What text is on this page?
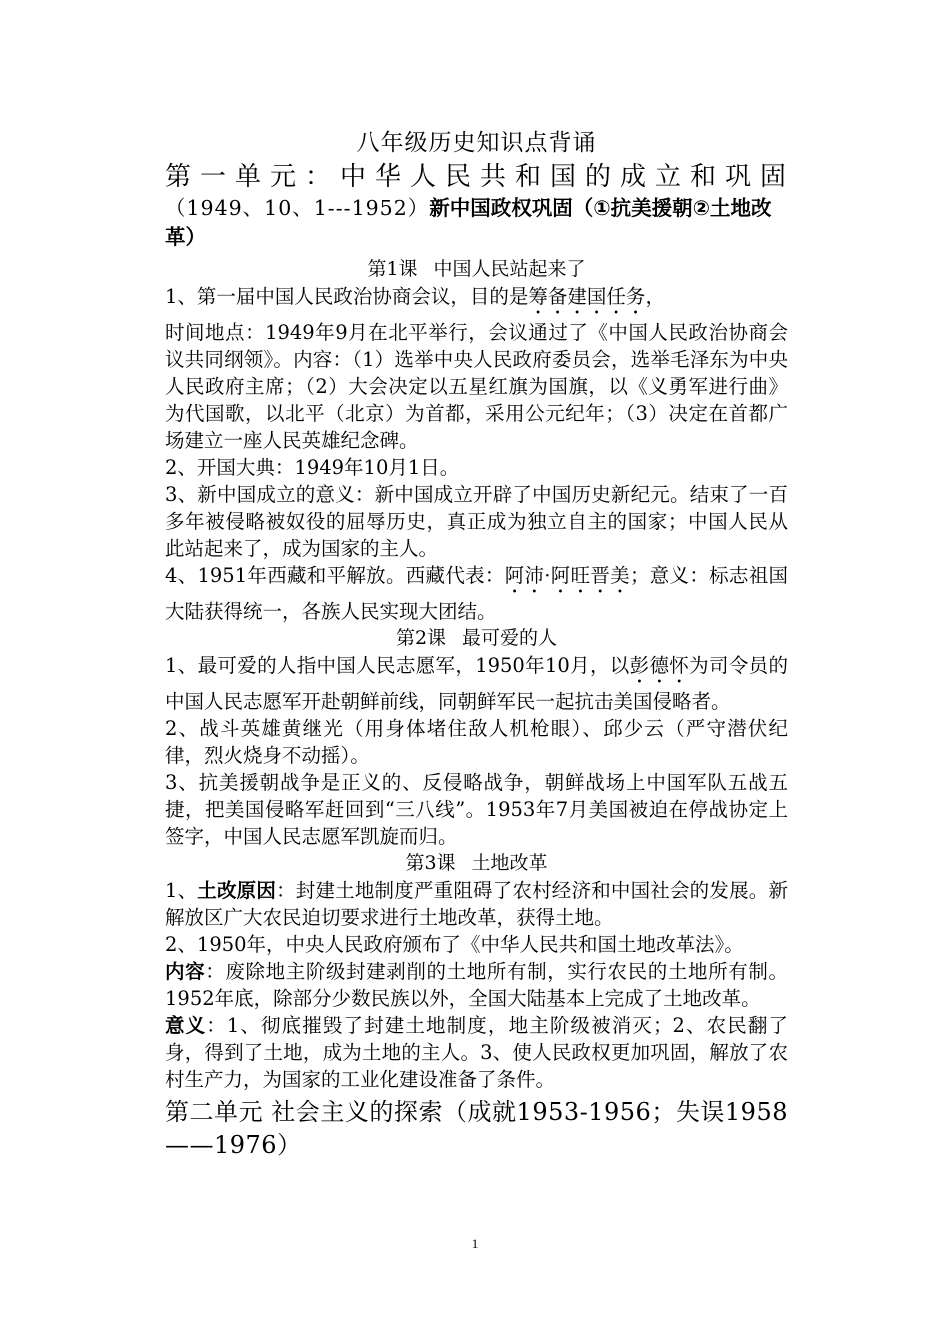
八年级历史知识点背诵
第一单元：中华人民共和国的成立和巩固
（1949、10、1---1952）新中国政权巩固（①抗美援朝②土地改
革）
第1课 中国人民站起来了

1、第一届中国人民政治协商会议，目的是筹备建国任务，

时间地点：1949年9月在北平举行，会议通过了《中国人民政治协商会议共同纲领》。内容：（1）选举中央人民政府委员会，选举毛泽东为中央人民政府主席；（2）大会决定以五星红旗为国旗，以《义勇军进行曲》为代国歌，以北平（北京）为首都，采用公元纪年；（3）决定在首都广场建立一座人民英雄纪念碑。

2、开国大典：1949年10月1日。

3、新中国成立的意义：新中国成立开辟了中国历史新纪元。结束了一百多年被侵略被奴役的屈辱历史，真正成为独立自主的国家；中国人民从此站起来了，成为国家的主人。

4、1951年西藏和平解放。西藏代表：阿沛·阿旺晋美；意义：标志祖国大陆获得统一，各族人民实现大团结。

第2课 最可爱的人

1、最可爱的人指中国人民志愿军，1950年10月，以彭德怀为司令员的中国人民志愿军开赴朝鲜前线，同朝鲜军民一起抗击美国侵略者。

2、战斗英雄黄继光（用身体堵住敌人机枪眼）、邱少云（严守潜伏纪律，烈火烧身不动摇）。

3、抗美援朝战争是正义的、反侵略战争，朝鲜战场上中国军队五战五捷，把美国侵略军赶回到“三八线”。1953年7月美国被迫在停战协定上签字，中国人民志愿军凯旋而归。

第3课 土地改革

1、土改原因：封建土地制度严重阻碍了农村经济和中国社会的发展。新解放区广大农民迫切要求进行土地改革，获得土地。

2、1950年，中央人民政府颁布了《中华人民共和国土地改革法》。

内容：废除地主阶级封建剥削的土地所有制，实行农民的土地所有制。1952年底，除部分少数民族以外，全国大陆基本上完成了土地改革。

意义：1、彻底摧毁了封建土地制度，地主阶级被消灭；2、农民翻了身，得到了土地，成为土地的主人。3、使人民政权更加巩固，解放了农村生产力，为国家的工业化建设准备了条件。

第二单元 社会主义的探索（成就1953-1956；失误1958——1976）
1
